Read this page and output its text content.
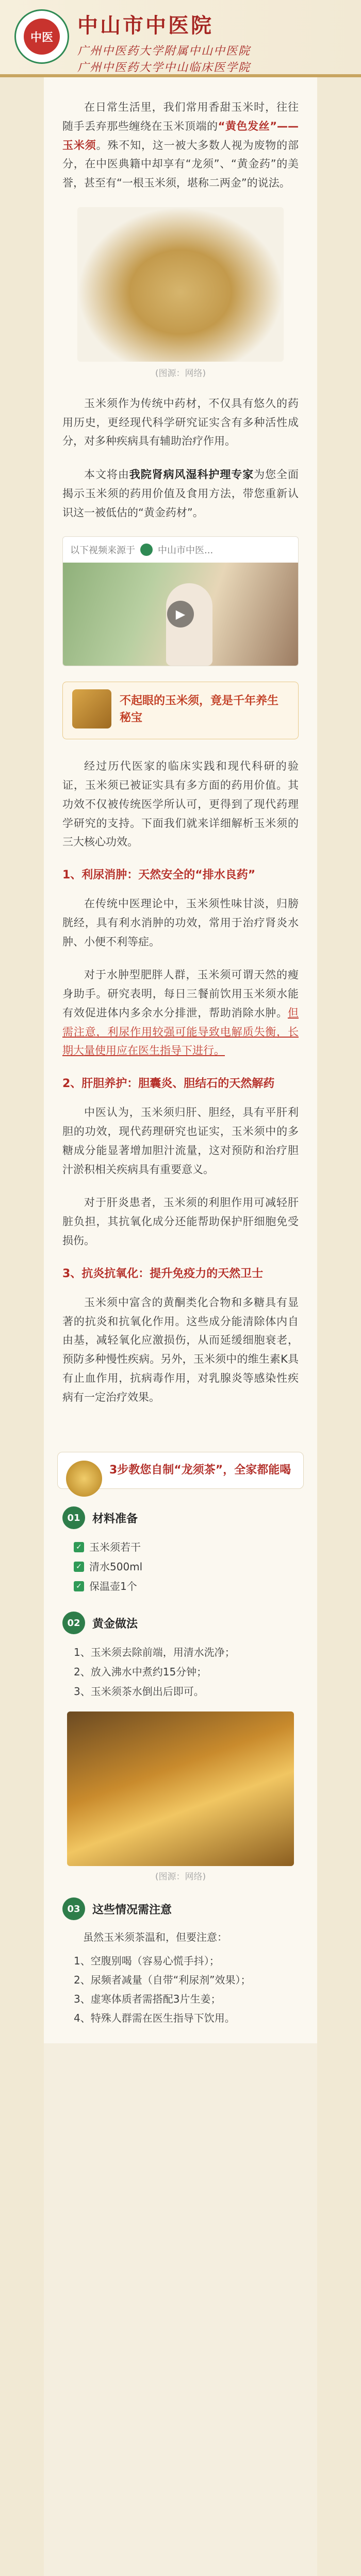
中医	中山市中医院
广州中医药大学附属中山中医院
广州中医药大学中山临床医学院

在日常生活里，我们常用香甜玉米时，往往随手丢弃那些缠绕在玉米顶端的“黄色发丝”——玉米须。殊不知，这一被大多数人视为废物的部分，在中医典籍中却享有“龙须”、“黄金药”的美誉，甚至有“一根玉米须，堪称二两金”的说法。

(图源：网络)

玉米须作为传统中药材，不仅具有悠久的药用历史，更经现代科学研究证实含有多种活性成分，对多种疾病具有辅助治疗作用。

本文将由我院肾病风湿科护理专家为您全面揭示玉米须的药用价值及食用方法，带您重新认识这一被低估的“黄金药材”。

以下视频来源于 中山市中医...
▶
不起眼的玉米须，竟是千年养生秘宝

经过历代医家的临床实践和现代科研的验证，玉米须已被证实具有多方面的药用价值。其功效不仅被传统医学所认可，更得到了现代药理学研究的支持。下面我们就来详细解析玉米须的三大核心功效。

1、利尿消肿：天然安全的“排水良药”

在传统中医理论中，玉米须性味甘淡，归膀胱经，具有利水消肿的功效，常用于治疗肾炎水肿、小便不利等症。

对于水肿型肥胖人群，玉米须可谓天然的瘦身助手。研究表明，每日三餐前饮用玉米须水能有效促进体内多余水分排泄，帮助消除水肿。但需注意，利尿作用较强可能导致电解质失衡，长期大量使用应在医生指导下进行。

2、肝胆养护：胆囊炎、胆结石的天然解药

中医认为，玉米须归肝、胆经，具有平肝利胆的功效，现代药理研究也证实，玉米须中的多糖成分能显著增加胆汁流量，这对预防和治疗胆汁淤积相关疾病具有重要意义。

对于肝炎患者，玉米须的利胆作用可减轻肝脏负担，其抗氧化成分还能帮助保护肝细胞免受损伤。

3、抗炎抗氧化：提升免疫力的天然卫士

玉米须中富含的黄酮类化合物和多糖具有显著的抗炎和抗氧化作用。这些成分能清除体内自由基，减轻氧化应激损伤，从而延缓细胞衰老，预防多种慢性疾病。另外，玉米须中的维生素K具有止血作用，抗病毒作用，对乳腺炎等感染性疾病有一定治疗效果。

3步教您自制“龙须茶”，全家都能喝
01	材料准备
✓ 玉米须若干
✓ 清水500ml
✓ 保温壶1个
02	黄金做法
1、玉米须去除前端，用清水洗净；
2、放入沸水中煮约15分钟；
3、玉米须茶水倒出后即可。
(图源：网络)
03	这些情况需注意

虽然玉米须茶温和，但要注意：

1、空腹别喝（容易心慌手抖）；
2、尿频者减量（自带“利尿剂”效果）；
3、虚寒体质者需搭配3片生姜；
4、特殊人群需在医生指导下饮用。
